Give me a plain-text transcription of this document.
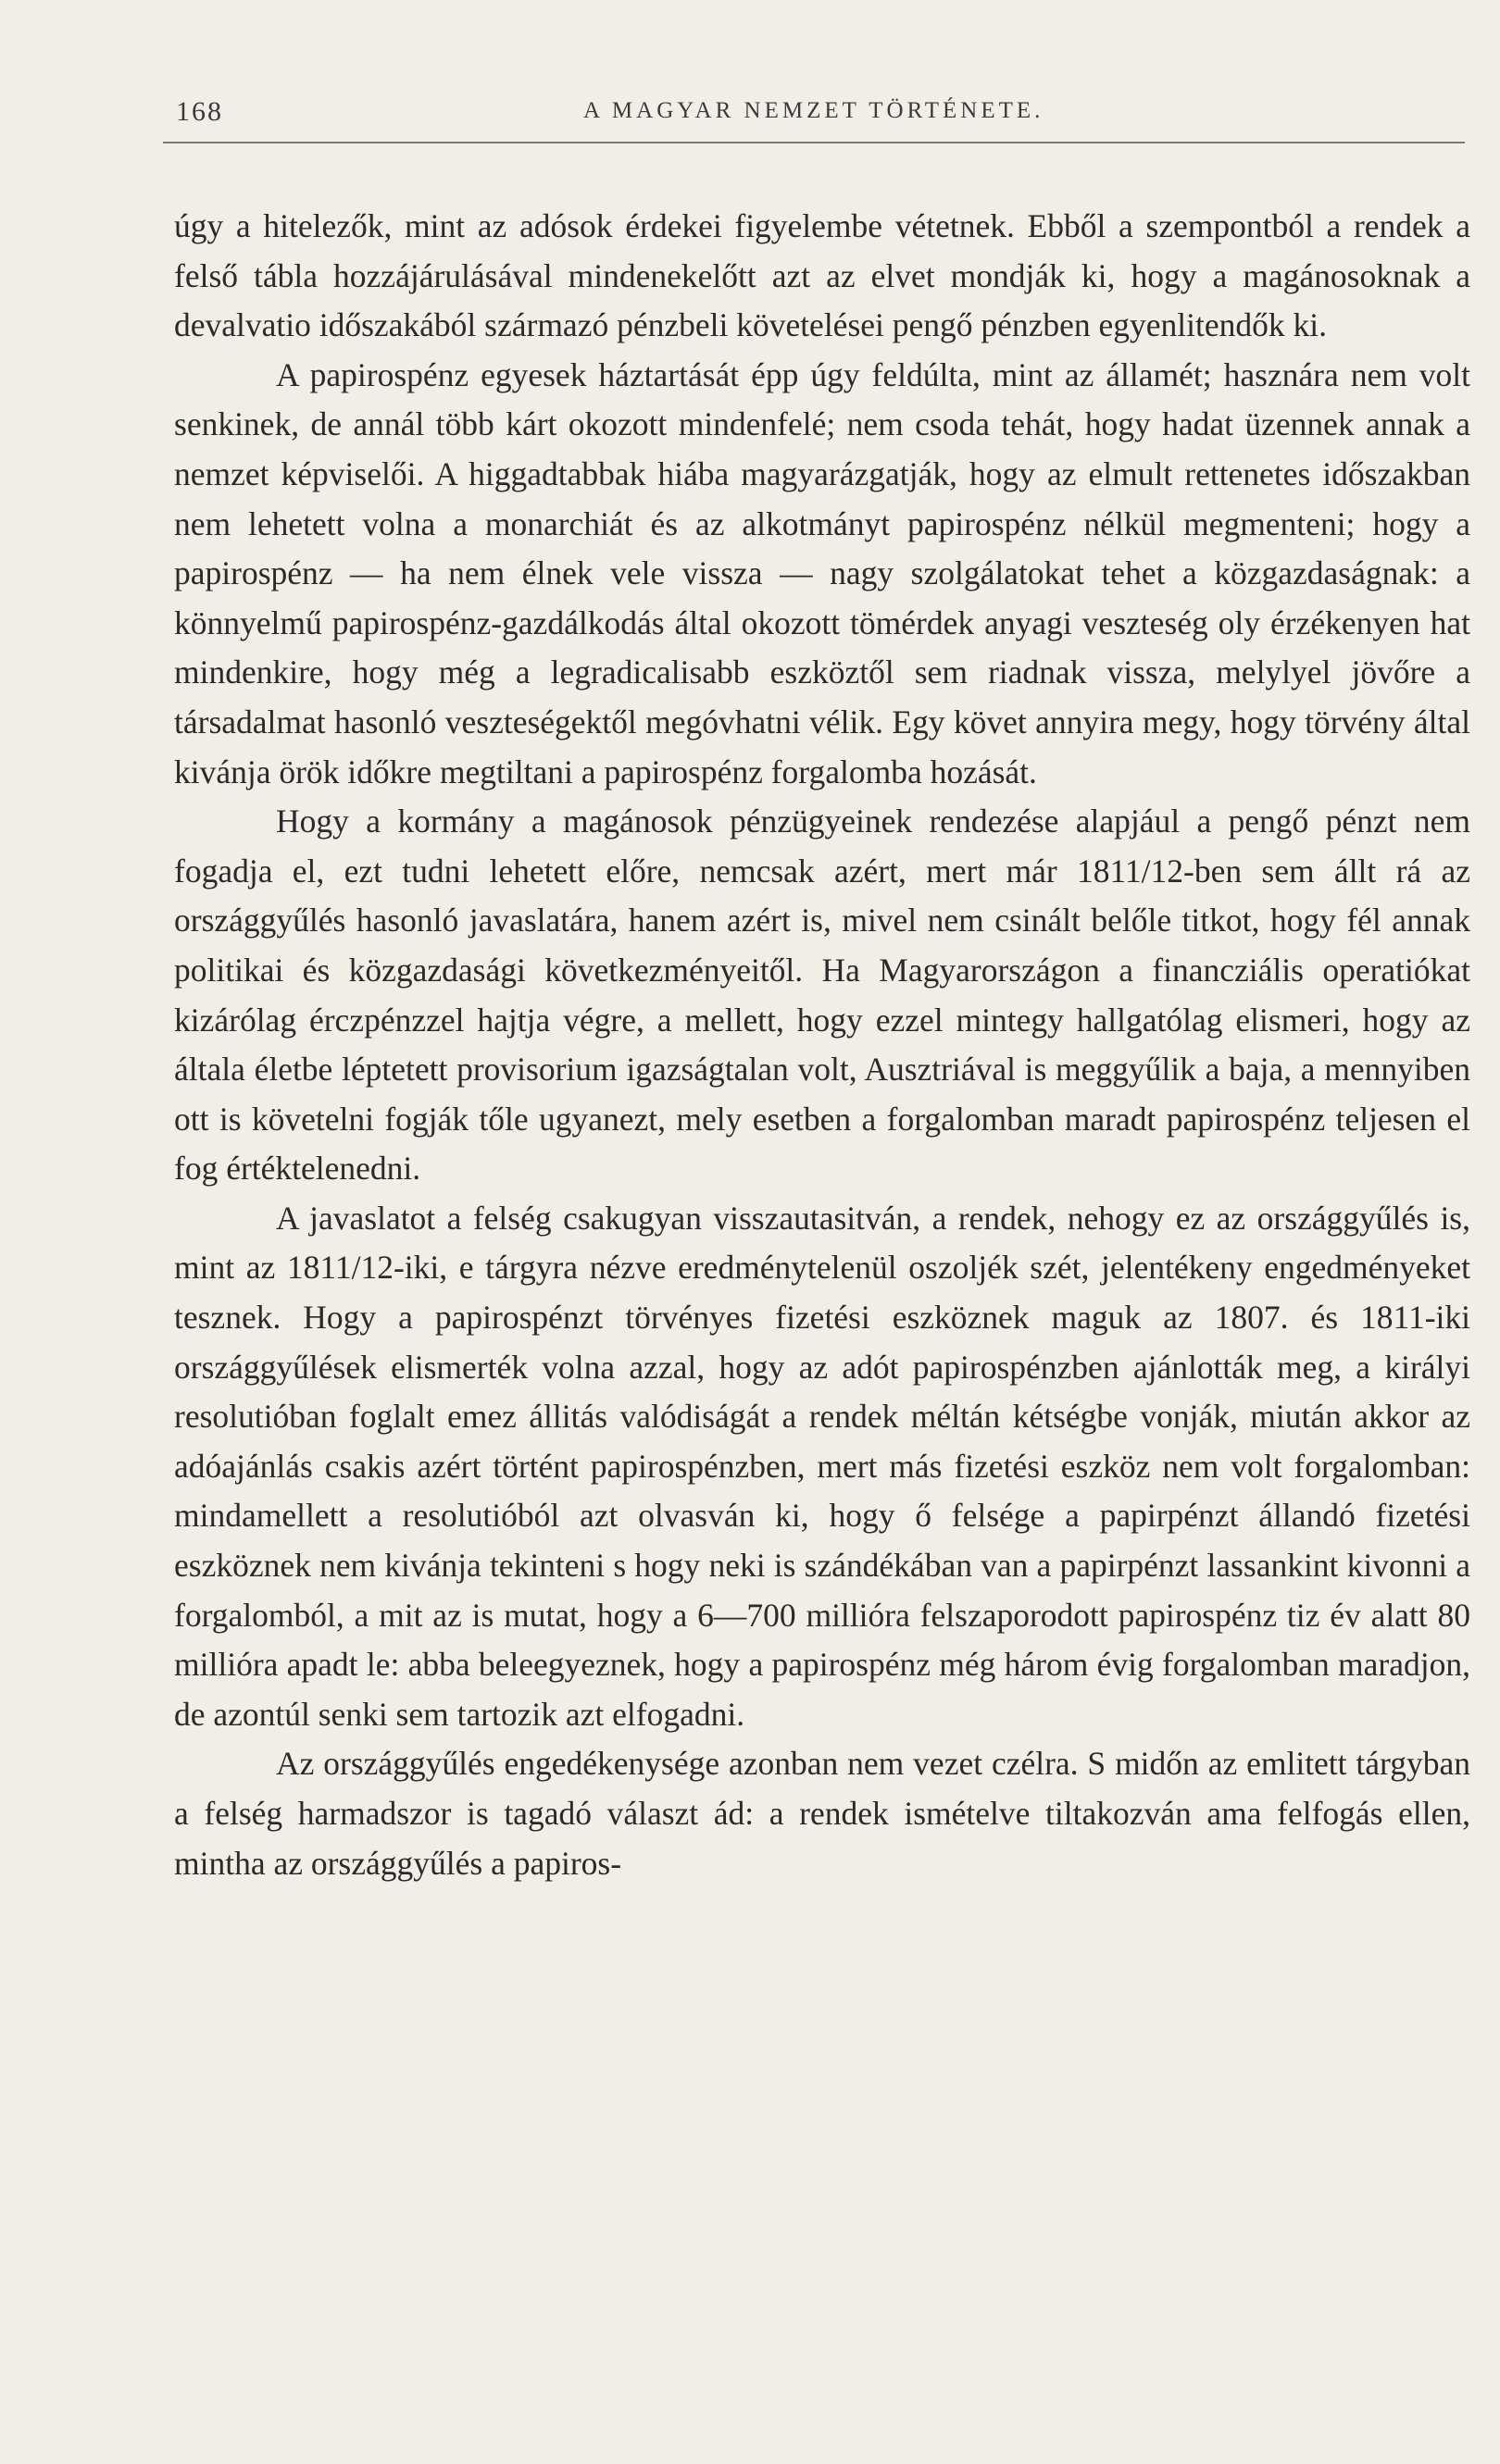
168	A MAGYAR NEMZET TÖRTÉNETE.

úgy a hitelezők, mint az adósok érdekei figyelembe vétetnek. Ebből a szempontból a rendek a felső tábla hozzájárulásával mindenekelőtt azt az elvet mondják ki, hogy a magánosoknak a devalvatio időszakából származó pénzbeli követelései pengő pénzben egyenlitendők ki.

A papirospénz egyesek háztartását épp úgy feldúlta, mint az államét; hasznára nem volt senkinek, de annál több kárt okozott mindenfelé; nem csoda tehát, hogy hadat üzennek annak a nemzet képviselői. A higgadtabbak hiába magyarázgatják, hogy az elmult rettenetes időszakban nem lehetett volna a monarchiát és az alkotmányt papirospénz nélkül megmenteni; hogy a papirospénz — ha nem élnek vele vissza — nagy szolgálatokat tehet a közgazdaságnak: a könnyelmű papirospénz-gazdálkodás által okozott tömérdek anyagi veszteség oly érzékenyen hat mindenkire, hogy még a legradicalisabb eszköztől sem riadnak vissza, melylyel jövőre a társadalmat hasonló veszteségektől megóvhatni vélik. Egy követ annyira megy, hogy törvény által kivánja örök időkre megtiltani a papirospénz forgalomba hozását.

Hogy a kormány a magánosok pénzügyeinek rendezése alapjául a pengő pénzt nem fogadja el, ezt tudni lehetett előre, nemcsak azért, mert már 1811/12-ben sem állt rá az országgyűlés hasonló javaslatára, hanem azért is, mivel nem csinált belőle titkot, hogy fél annak politikai és közgazdasági következményeitől. Ha Magyarországon a financziális operatiókat kizárólag érczpénzzel hajtja végre, a mellett, hogy ezzel mintegy hallgatólag elismeri, hogy az általa életbe léptetett provisorium igazságtalan volt, Ausztriával is meggyűlik a baja, a mennyiben ott is követelni fogják tőle ugyanezt, mely esetben a forgalomban maradt papirospénz teljesen el fog értéktelenedni.

A javaslatot a felség csakugyan visszautasitván, a rendek, nehogy ez az országgyűlés is, mint az 1811/12-iki, e tárgyra nézve eredménytelenül oszoljék szét, jelentékeny engedményeket tesznek. Hogy a papirospénzt törvényes fizetési eszköznek maguk az 1807. és 1811-iki országgyűlések elismerték volna azzal, hogy az adót papirospénzben ajánlották meg, a királyi resolutióban foglalt emez állitás valódiságát a rendek méltán kétségbe vonják, miután akkor az adóajánlás csakis azért történt papirospénzben, mert más fizetési eszköz nem volt forgalomban: mindamellett a resolutióból azt olvasván ki, hogy ő felsége a papirpénzt állandó fizetési eszköznek nem kivánja tekinteni s hogy neki is szándékában van a papirpénzt lassankint kivonni a forgalomból, a mit az is mutat, hogy a 6—700 millióra felszaporodott papirospénz tiz év alatt 80 millióra apadt le: abba beleegyeznek, hogy a papirospénz még három évig forgalomban maradjon, de azontúl senki sem tartozik azt elfogadni.

Az országgyűlés engedékenysége azonban nem vezet czélra. S midőn az emlitett tárgyban a felség harmadszor is tagadó választ ád: a rendek ismételve tiltakozván ama felfogás ellen, mintha az országgyűlés a papiros-
